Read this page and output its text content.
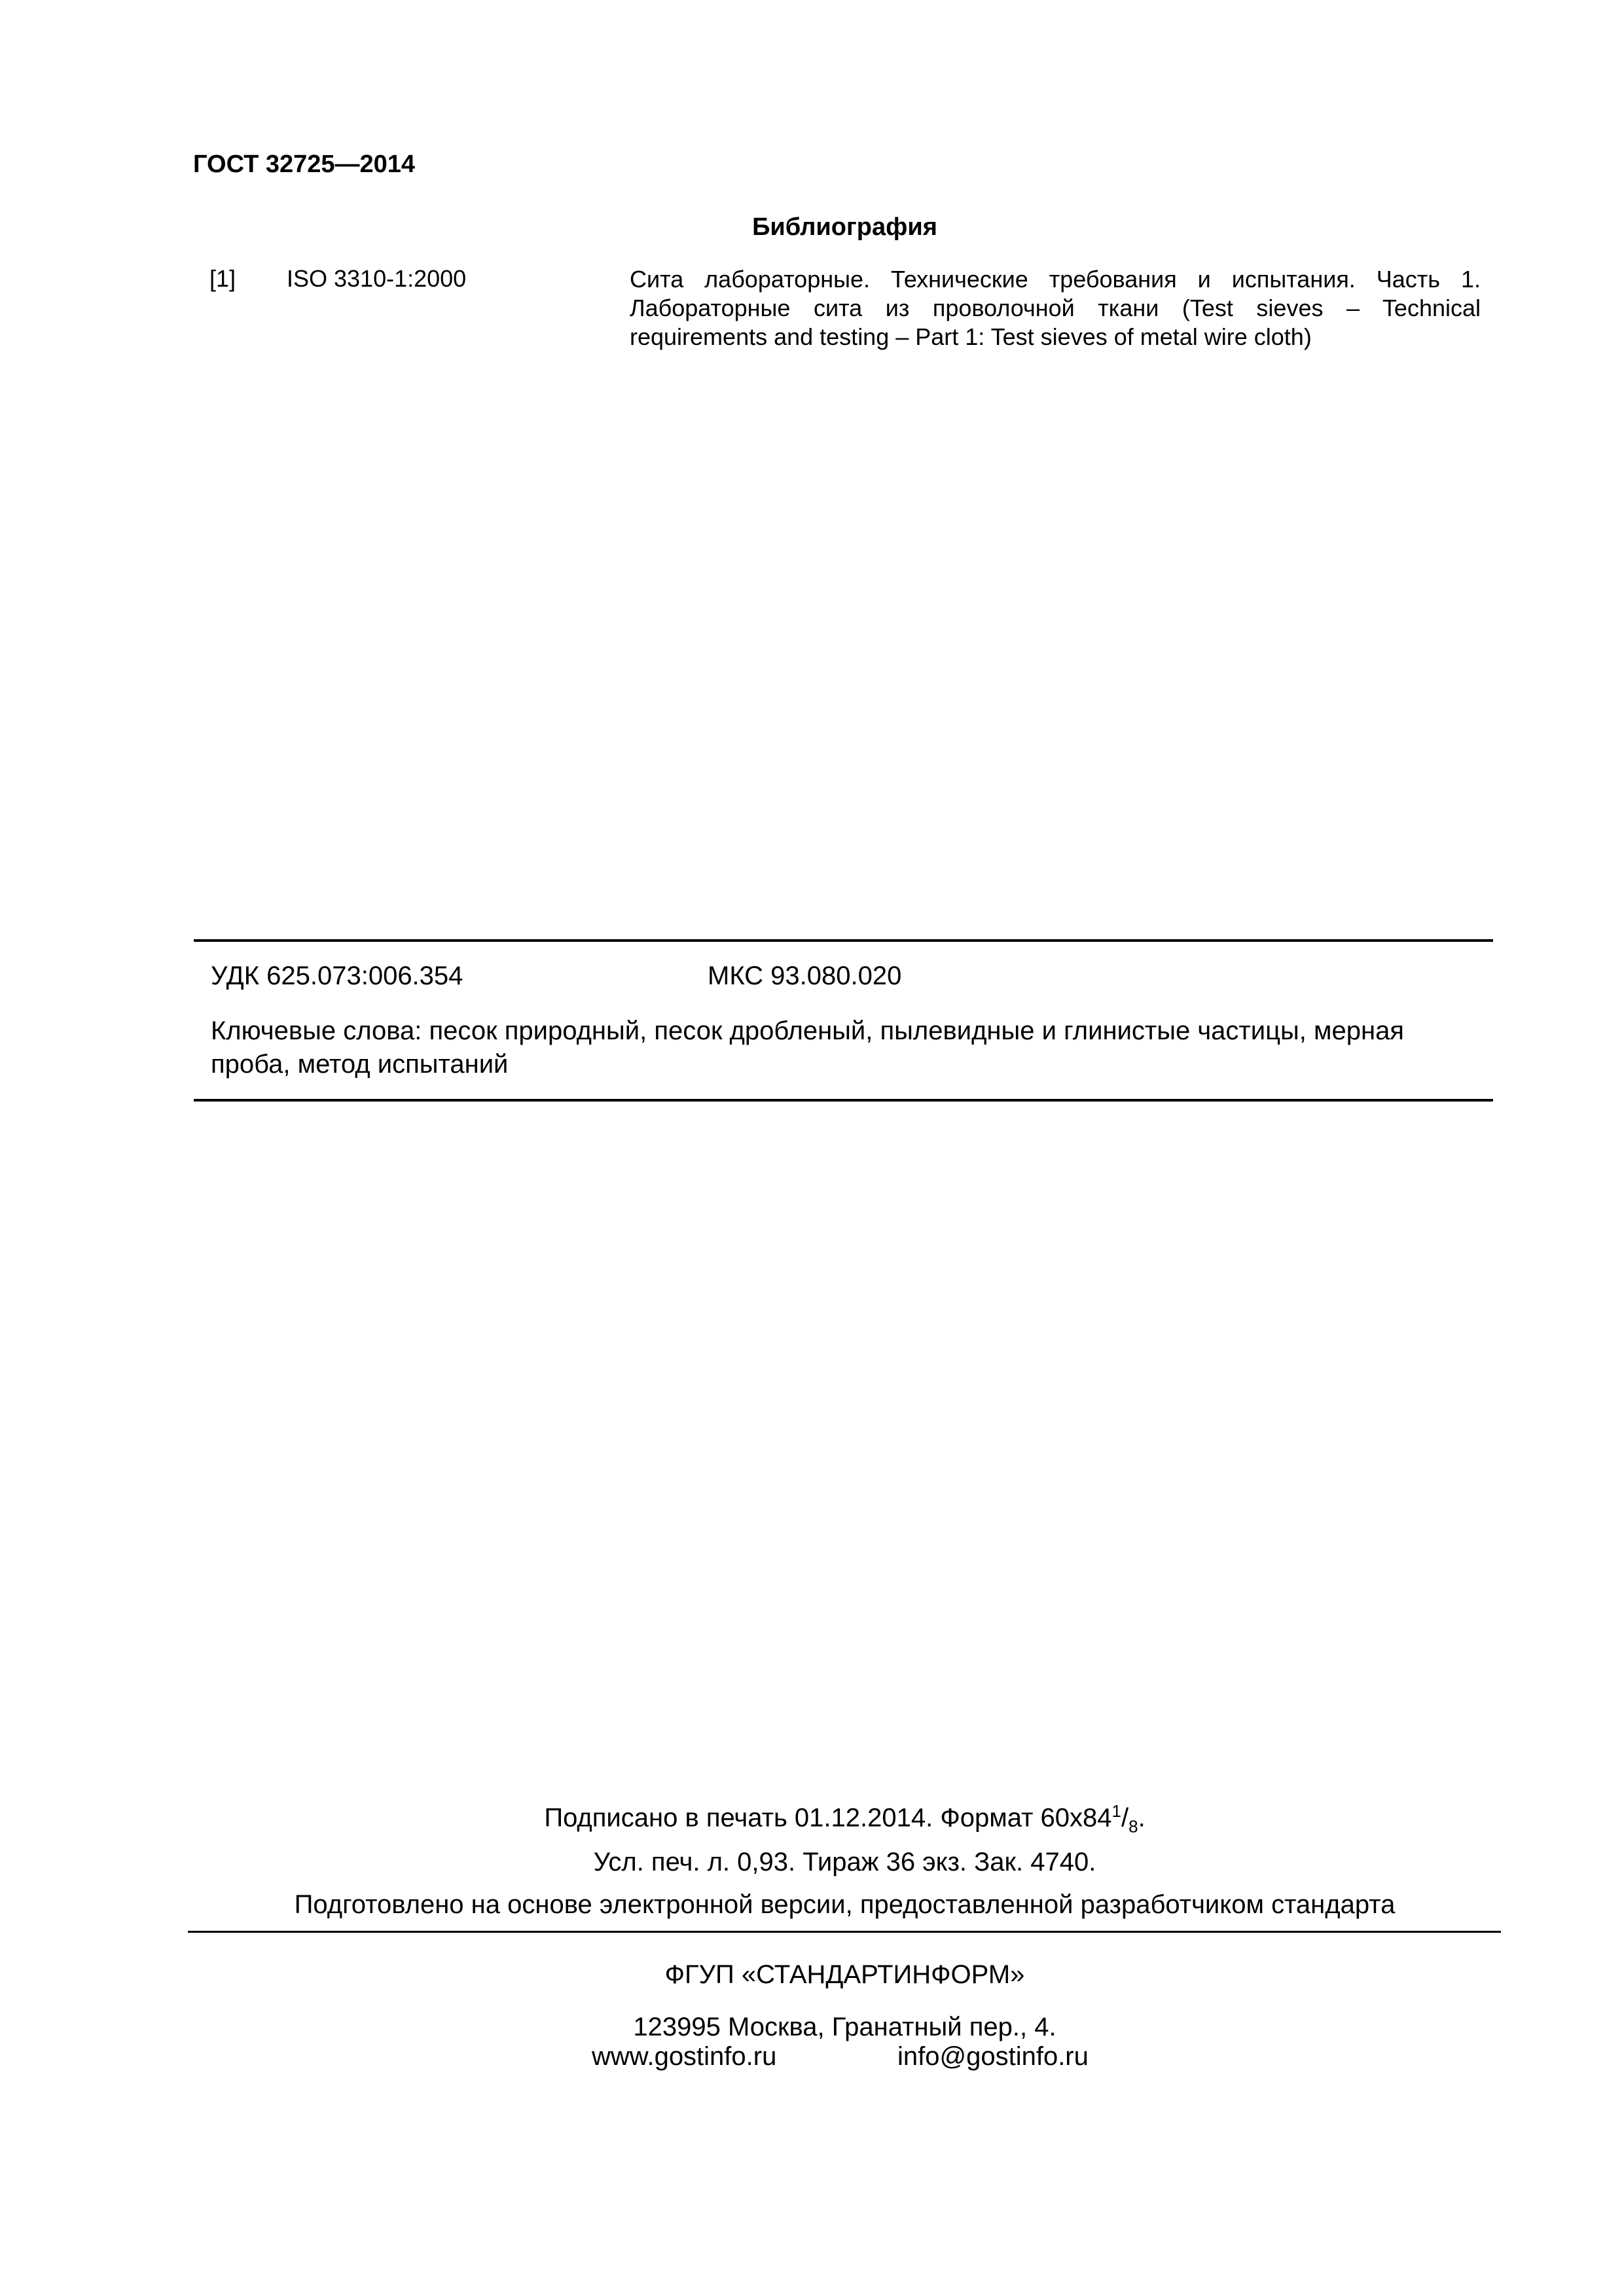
ГОСТ 32725—2014
Библиография
[1] ISO 3310-1:2000	Сита лабораторные. Технические требования и испытания. Часть 1. Лабораторные сита из проволочной ткани (Test sieves – Technical requirements and testing – Part 1: Test sieves of metal wire cloth)
УДК 625.073:006.354	МКС 93.080.020
Ключевые слова: песок природный, песок дробленый, пылевидные и глинистые частицы, мерная проба, метод испытаний
Подписано в печать 01.12.2014. Формат $60х84^1/_8$.
Усл. печ. л. 0,93. Тираж 36 экз. Зак. 4740.
Подготовлено на основе электронной версии, предоставленной разработчиком стандарта
ФГУП «СТАНДАРТИНФОРМ»
123995 Москва, Гранатный пер., 4.
www.gostinfo.ru	info@gostinfo.ru
